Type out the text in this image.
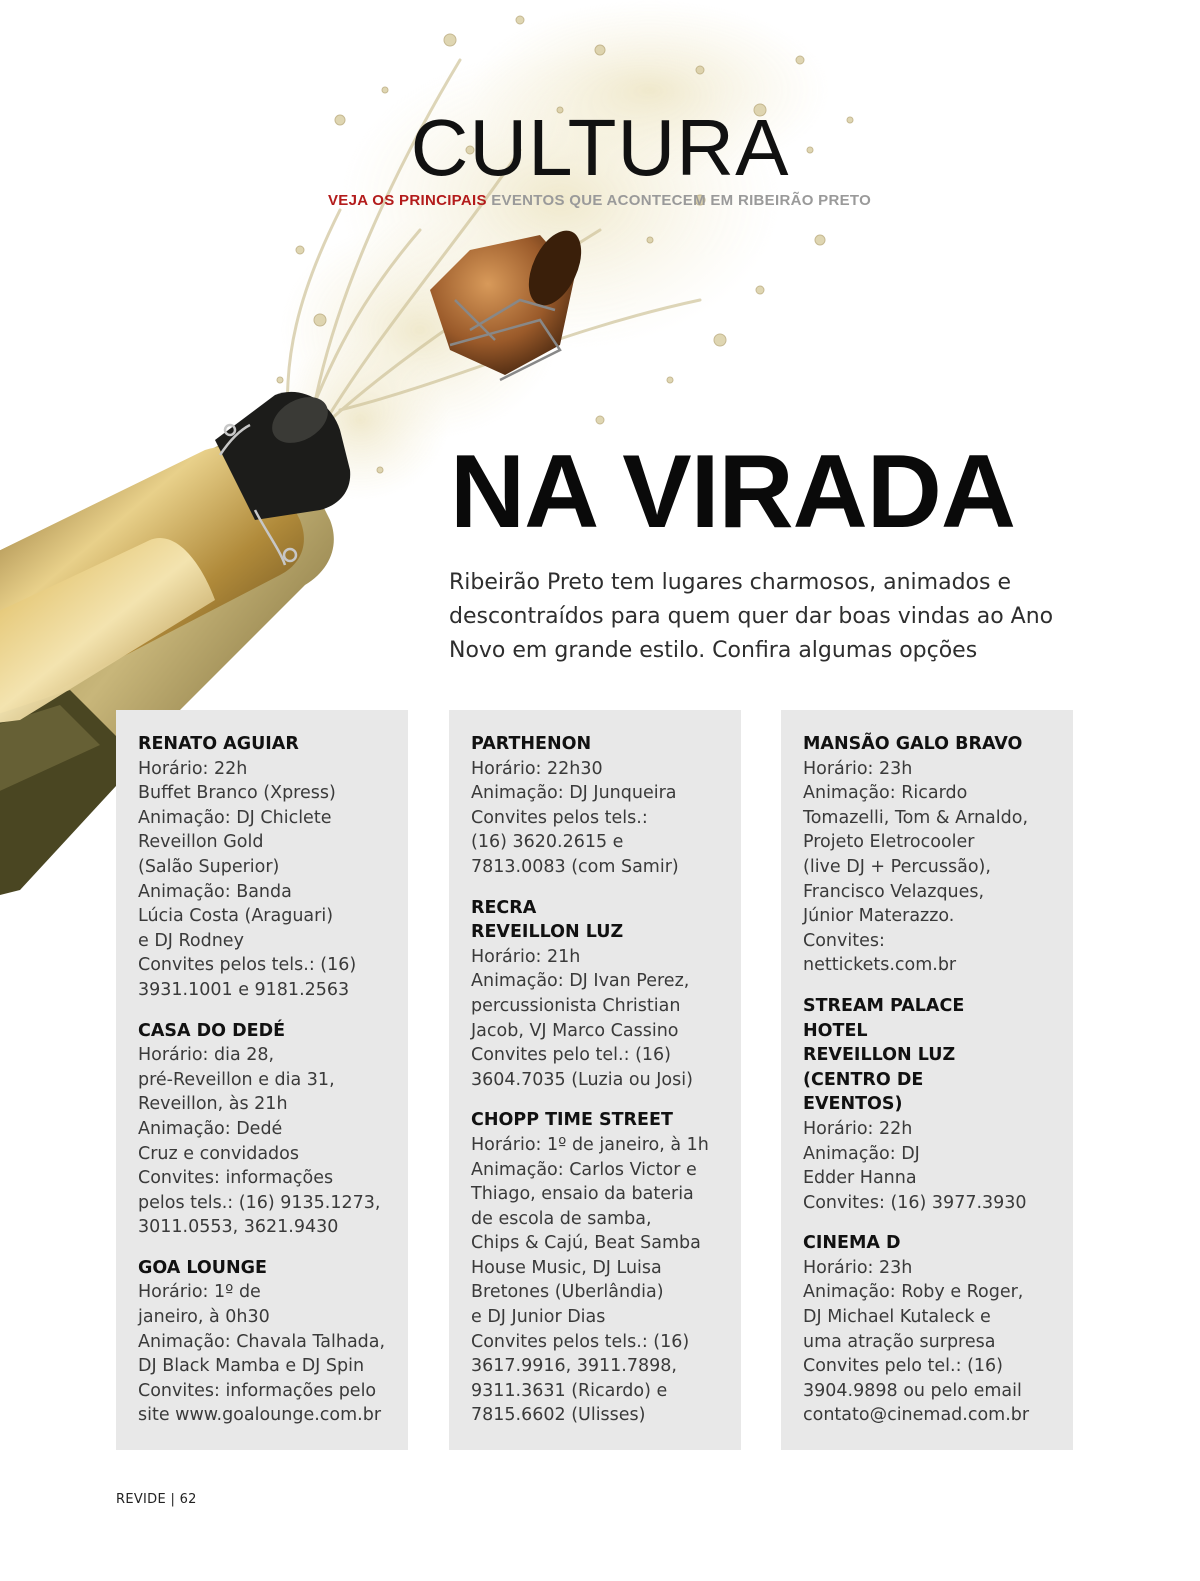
CULTURA
VEJA OS PRINCIPAIS EVENTOS QUE ACONTECEM EM RIBEIRÃO PRETO
NA VIRADA
Ribeirão Preto tem lugares charmosos, animados e descontraídos para quem quer dar boas vindas ao Ano Novo em grande estilo. Confira algumas opções
RENATO AGUIAR
Horário: 22h
Buffet Branco (Xpress)
Animação: DJ Chiclete
Reveillon Gold
(Salão Superior)
Animação: Banda
Lúcia Costa (Araguari)
e DJ Rodney
Convites pelos tels.: (16)
3931.1001 e 9181.2563
CASA DO DEDÉ
Horário: dia 28,
pré-Reveillon e dia 31,
Reveillon, às 21h
Animação: Dedé
Cruz e convidados
Convites: informações
pelos tels.: (16) 9135.1273,
3011.0553, 3621.9430
GOA LOUNGE
Horário: 1º de
janeiro, à 0h30
Animação: Chavala Talhada,
DJ Black Mamba e DJ Spin
Convites: informações pelo
site www.goalounge.com.br
PARTHENON
Horário: 22h30
Animação: DJ Junqueira
Convites pelos tels.:
(16) 3620.2615 e
7813.0083 (com Samir)
RECRA
REVEILLON LUZ
Horário: 21h
Animação: DJ Ivan Perez,
percussionista Christian
Jacob, VJ Marco Cassino
Convites pelo tel.: (16)
3604.7035 (Luzia ou Josi)
CHOPP TIME STREET
Horário: 1º de janeiro, à 1h
Animação: Carlos Victor e
Thiago, ensaio da bateria
de escola de samba,
Chips & Cajú, Beat Samba
House Music, DJ Luisa
Bretones (Uberlândia)
e DJ Junior Dias
Convites pelos tels.: (16)
3617.9916, 3911.7898,
9311.3631 (Ricardo) e
7815.6602 (Ulisses)
MANSÃO GALO BRAVO
Horário: 23h
Animação: Ricardo
Tomazelli, Tom & Arnaldo,
Projeto Eletrocooler
(live DJ + Percussão),
Francisco Velazques,
Júnior Materazzo.
Convites:
nettickets.com.br
STREAM PALACE
HOTEL
REVEILLON LUZ
(CENTRO DE
EVENTOS)
Horário: 22h
Animação: DJ
Edder Hanna
Convites: (16) 3977.3930
CINEMA D
Horário: 23h
Animação: Roby e Roger,
DJ Michael Kutaleck e
uma atração surpresa
Convites pelo tel.: (16)
3904.9898 ou pelo email
contato@cinemad.com.br
REVIDE | 62
